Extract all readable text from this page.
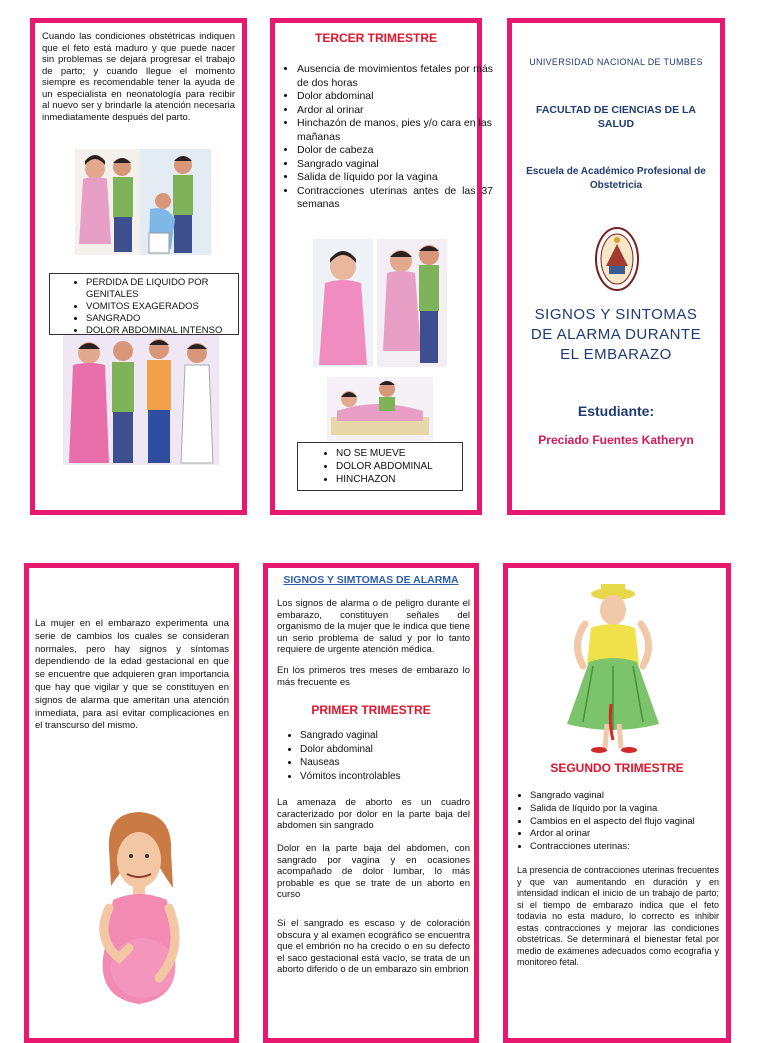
Cuando las condiciones obstétricas indiquen que el feto está maduro y que puede nacer sin problemas se dejará progresar el trabajo de parto; y cuando llegue el momento siempre es recomendable tener la ayuda de un especialista en neonatología para recibir al nuevo ser y brindarle la atención necesaria inmediatamente después del parto.
• PERDIDA DE LIQUIDO POR GENITALES
• VOMITOS EXAGERADOS
• SANGRADO
• DOLOR ABDOMINAL INTENSO
TERCER TRIMESTRE
• Ausencia de movimientos fetales por más de dos horas
• Dolor abdominal
• Ardor al orinar
• Hinchazón de manos, pies y/o cara en las mañanas
• Dolor de cabeza
• Sangrado vaginal
• Salida de líquido por la vagina
• Contracciones uterinas antes de las 37 semanas
• NO SE MUEVE
• DOLOR ABDOMINAL
• HINCHAZON
UNIVERSIDAD NACIONAL DE TUMBES
FACULTAD DE CIENCIAS DE LA SALUD
Escuela de Académico Profesional de Obstetricia
SIGNOS Y SINTOMAS DE ALARMA DURANTE EL EMBARAZO
Estudiante:
Preciado Fuentes Katheryn
La mujer en el embarazo experimenta una serie de cambios los cuales se consideran normales, pero hay signos y síntomas dependiendo de la edad gestacional en que se encuentre que adquieren gran importancia que hay que vigilar y que se constituyen en signos de alarma que ameritan una atención inmediata, para así evitar complicaciones en el transcurso del mismo.
SIGNOS Y SIMTOMAS DE ALARMA
Los signos de alarma o de peligro durante el embarazo, constituyen señales del organismo de la mujer que le indica que tiene un serio problema de salud y por lo tanto requiere de urgente atención médica.
En los primeros tres meses de embarazo lo más frecuente es
PRIMER TRIMESTRE
• Sangrado vaginal
• Dolor abdominal
• Nauseas
• Vómitos incontrolables
La amenaza de aborto es un cuadro caracterizado por dolor en la parte baja del abdomen sin sangrado
Dolor en la parte baja del abdomen, con sangrado por vagina y en ocasiones acompañado de dolor lumbar, lo más probable es que se trate de un aborto en curso
Si el sangrado es escaso y de coloración obscura y al examen ecográfico se encuentra que el embrión no ha crecido o en su defecto el saco gestacional está vacío, se trata de un aborto diferido o de un embarazo sin embrion
SEGUNDO TRIMESTRE
• Sangrado vaginal
• Salida de líquido por la vagina
• Cambios en el aspecto del flujo vaginal
• Ardor al orinar
• Contracciones uterinas:
La presencia de contracciones uterinas frecuentes y que van aumentando en duración y en intensidad indican el inicio de un trabajo de parto; si el tiempo de embarazo indica que el feto todavía no esta maduro, lo correcto es inhibir estas contracciones y mejorar las condiciones obstétricas. Se determinará el bienestar fetal por medio de exámenes adecuados como ecografía y monitoreo fetal.
